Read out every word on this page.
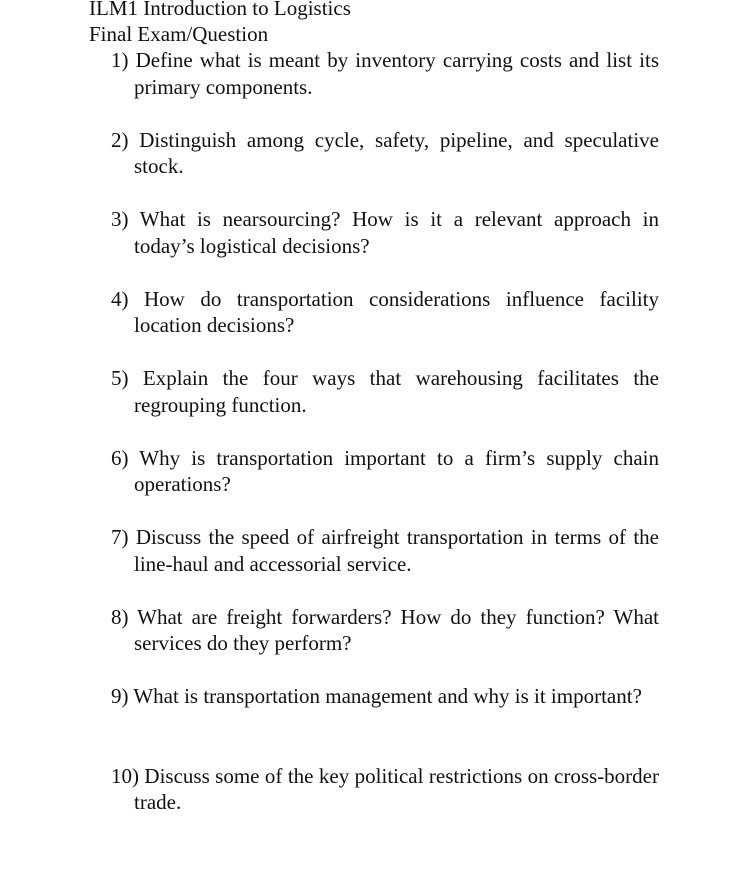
ILM1 Introduction to Logistics
Final Exam/Question
1) Define what is meant by inventory carrying costs and list its primary components.
2) Distinguish among cycle, safety, pipeline, and speculative stock.
3) What is nearsourcing? How is it a relevant approach in today’s logistical decisions?
4) How do transportation considerations influence facility location decisions?
5) Explain the four ways that warehousing facilitates the regrouping function.
6) Why is transportation important to a firm’s supply chain operations?
7) Discuss the speed of airfreight transportation in terms of the line-haul and accessorial service.
8) What are freight forwarders? How do they function? What services do they perform?
9) What is transportation management and why is it important?
10) Discuss some of the key political restrictions on cross-border trade.
